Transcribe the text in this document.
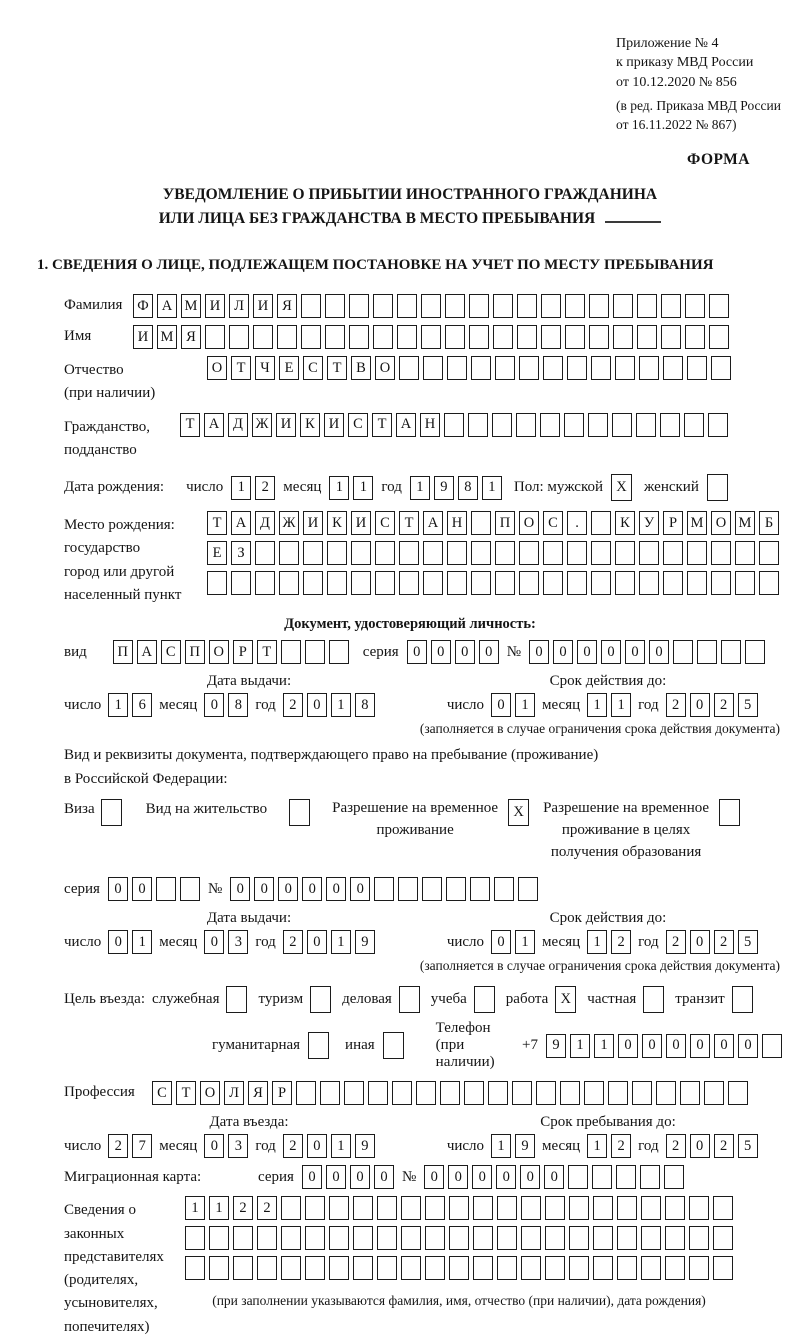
Приложение № 4
к приказу МВД России
от 10.12.2020 № 856
(в ред. Приказа МВД России
от 16.11.2022 № 867)
ФОРМА
УВЕДОМЛЕНИЕ О ПРИБЫТИИ ИНОСТРАННОГО ГРАЖДАНИНА
ИЛИ ЛИЦА БЕЗ ГРАЖДАНСТВА В МЕСТО ПРЕБЫВАНИЯ
1. СВЕДЕНИЯ О ЛИЦЕ, ПОДЛЕЖАЩЕМ ПОСТАНОВКЕ НА УЧЕТ ПО МЕСТУ ПРЕБЫВАНИЯ
Фамилия	Ф А М И Л И Я
Имя	И М Я
Отчество
(при наличии)
О Т	Ч	Е	С	Т	В О
Гражданство,
подданство
Т А Д Ж И К И С	Т А Н
Дата рождения: число 1	2 месяц 1	1 год 1	9	8	1	Пол: мужской X	женский
Место рождения:
государство
город или другой
населенный пункт
Т А Д Ж И К И С	Т А Н	П О С	.	К У	Р М О М Б
Е	З
Документ, удостоверяющий личность:
вид	П А С П О	Р	Т	серия 0	0	0	0 № 0	0	0	0	0	0
Дата выдачи:	Срок действия до:
число 1	6 месяц 0	8 год 2	0	1	8	число 0	1 месяц 1	1 год 2	0	2	5
(заполняется в случае ограничения срока действия документа)
Вид и реквизиты документа, подтверждающего право на пребывание (проживание)
в Российской Федерации:
Виза	Вид на жительство	Разрешение на временное
проживание
X	Разрешение на временное
проживание в целях
получения образования
серия 0	0	№ 0	0	0	0	0	0
Дата выдачи:	Срок действия до:
число 0	1 месяц 0	3 год 2	0	1	9	число 0	1 месяц 1	2 год 2	0	2	5
(заполняется в случае ограничения срока действия документа)
Цель въезда: служебная	туризм	деловая	учеба	работа X	частная	транзит
гуманитарная	иная
Телефон (при наличии)
+7 9	1	1	0	0	0	0	0	0
Профессия	С	Т О Л Я	Р
Дата въезда:	Срок пребывания до:
число 2	7 месяц 0	3 год 2	0	1	9	число 1	9 месяц 1	2 год 2	0	2	5
Миграционная карта:	серия 0	0	0	0 № 0	0	0	0	0	0
Сведения о
законных
представителях
(родителях,
усыновителях,
попечителях)
1	1	2	2
(при заполнении указываются фамилия, имя, отчество (при наличии), дата рождения)
